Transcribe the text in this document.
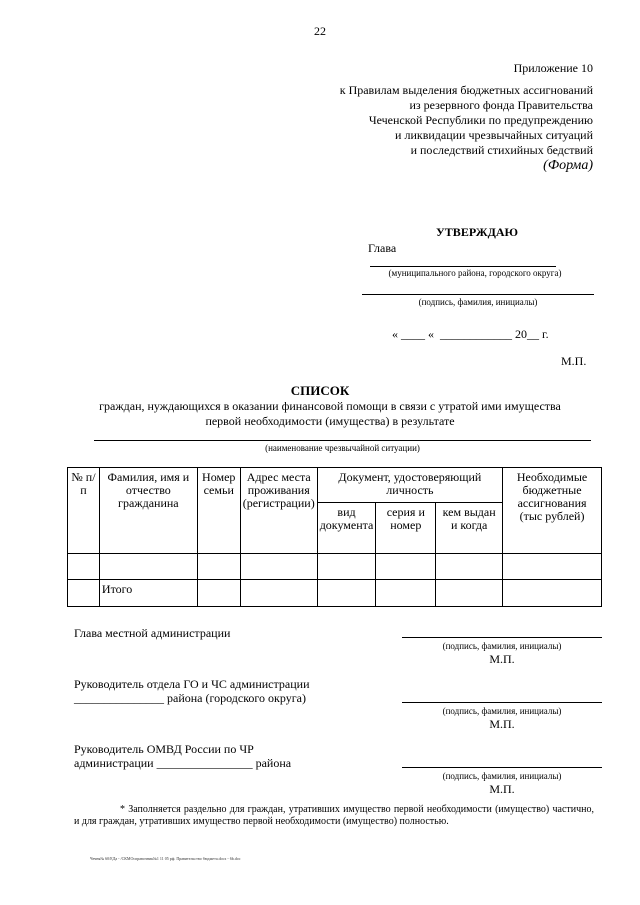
22
Приложение 10
к Правилам выделения бюджетных ассигнований
из резервного фонда Правительства
Чеченской Республики по предупреждению
и ликвидации чрезвычайных ситуаций
и последствий стихийных бедствий
(Форма)
УТВЕРЖДАЮ
Глава
(муниципального района, городского округа)
(подпись, фамилия, инициалы)
« ____ «  ____________ 20__ г.
М.П.
СПИСОК
граждан, нуждающихся в оказании финансовой помощи в связи с утратой ими имущества
первой необходимости (имущества) в результате
(наименование чрезвычайной ситуации)
№ п/п	Фамилия, имя и отчество гражданина	Номер семьи	Адрес места проживания (регистрации)	Документ, удостоверяющий личность			Необходимые бюджетные ассигнования (тыс рублей)
				вид документа	серия и номер	кем выдан и когда	

	Итого						
Глава местной администрации
(подпись, фамилия, инициалы)
М.П.
Руководитель отдела ГО и ЧС администрации
_______________ района (городского округа)
(подпись, фамилия, инициалы)
М.П.
Руководитель ОМВД России по ЧР
администрации ________________ района
(подпись, фамилия, инициалы)
М.П.
* Заполняется раздельно для граждан, утративших имущество первой необходимости (имущество) частично, и для граждан, утративших имущество первой необходимости (имущество) полностью.
Чечня№ 60/ЕДа - /СКМОсправочник№1 11 05 рф. Правительство бюджета.docx - 6b.doc
